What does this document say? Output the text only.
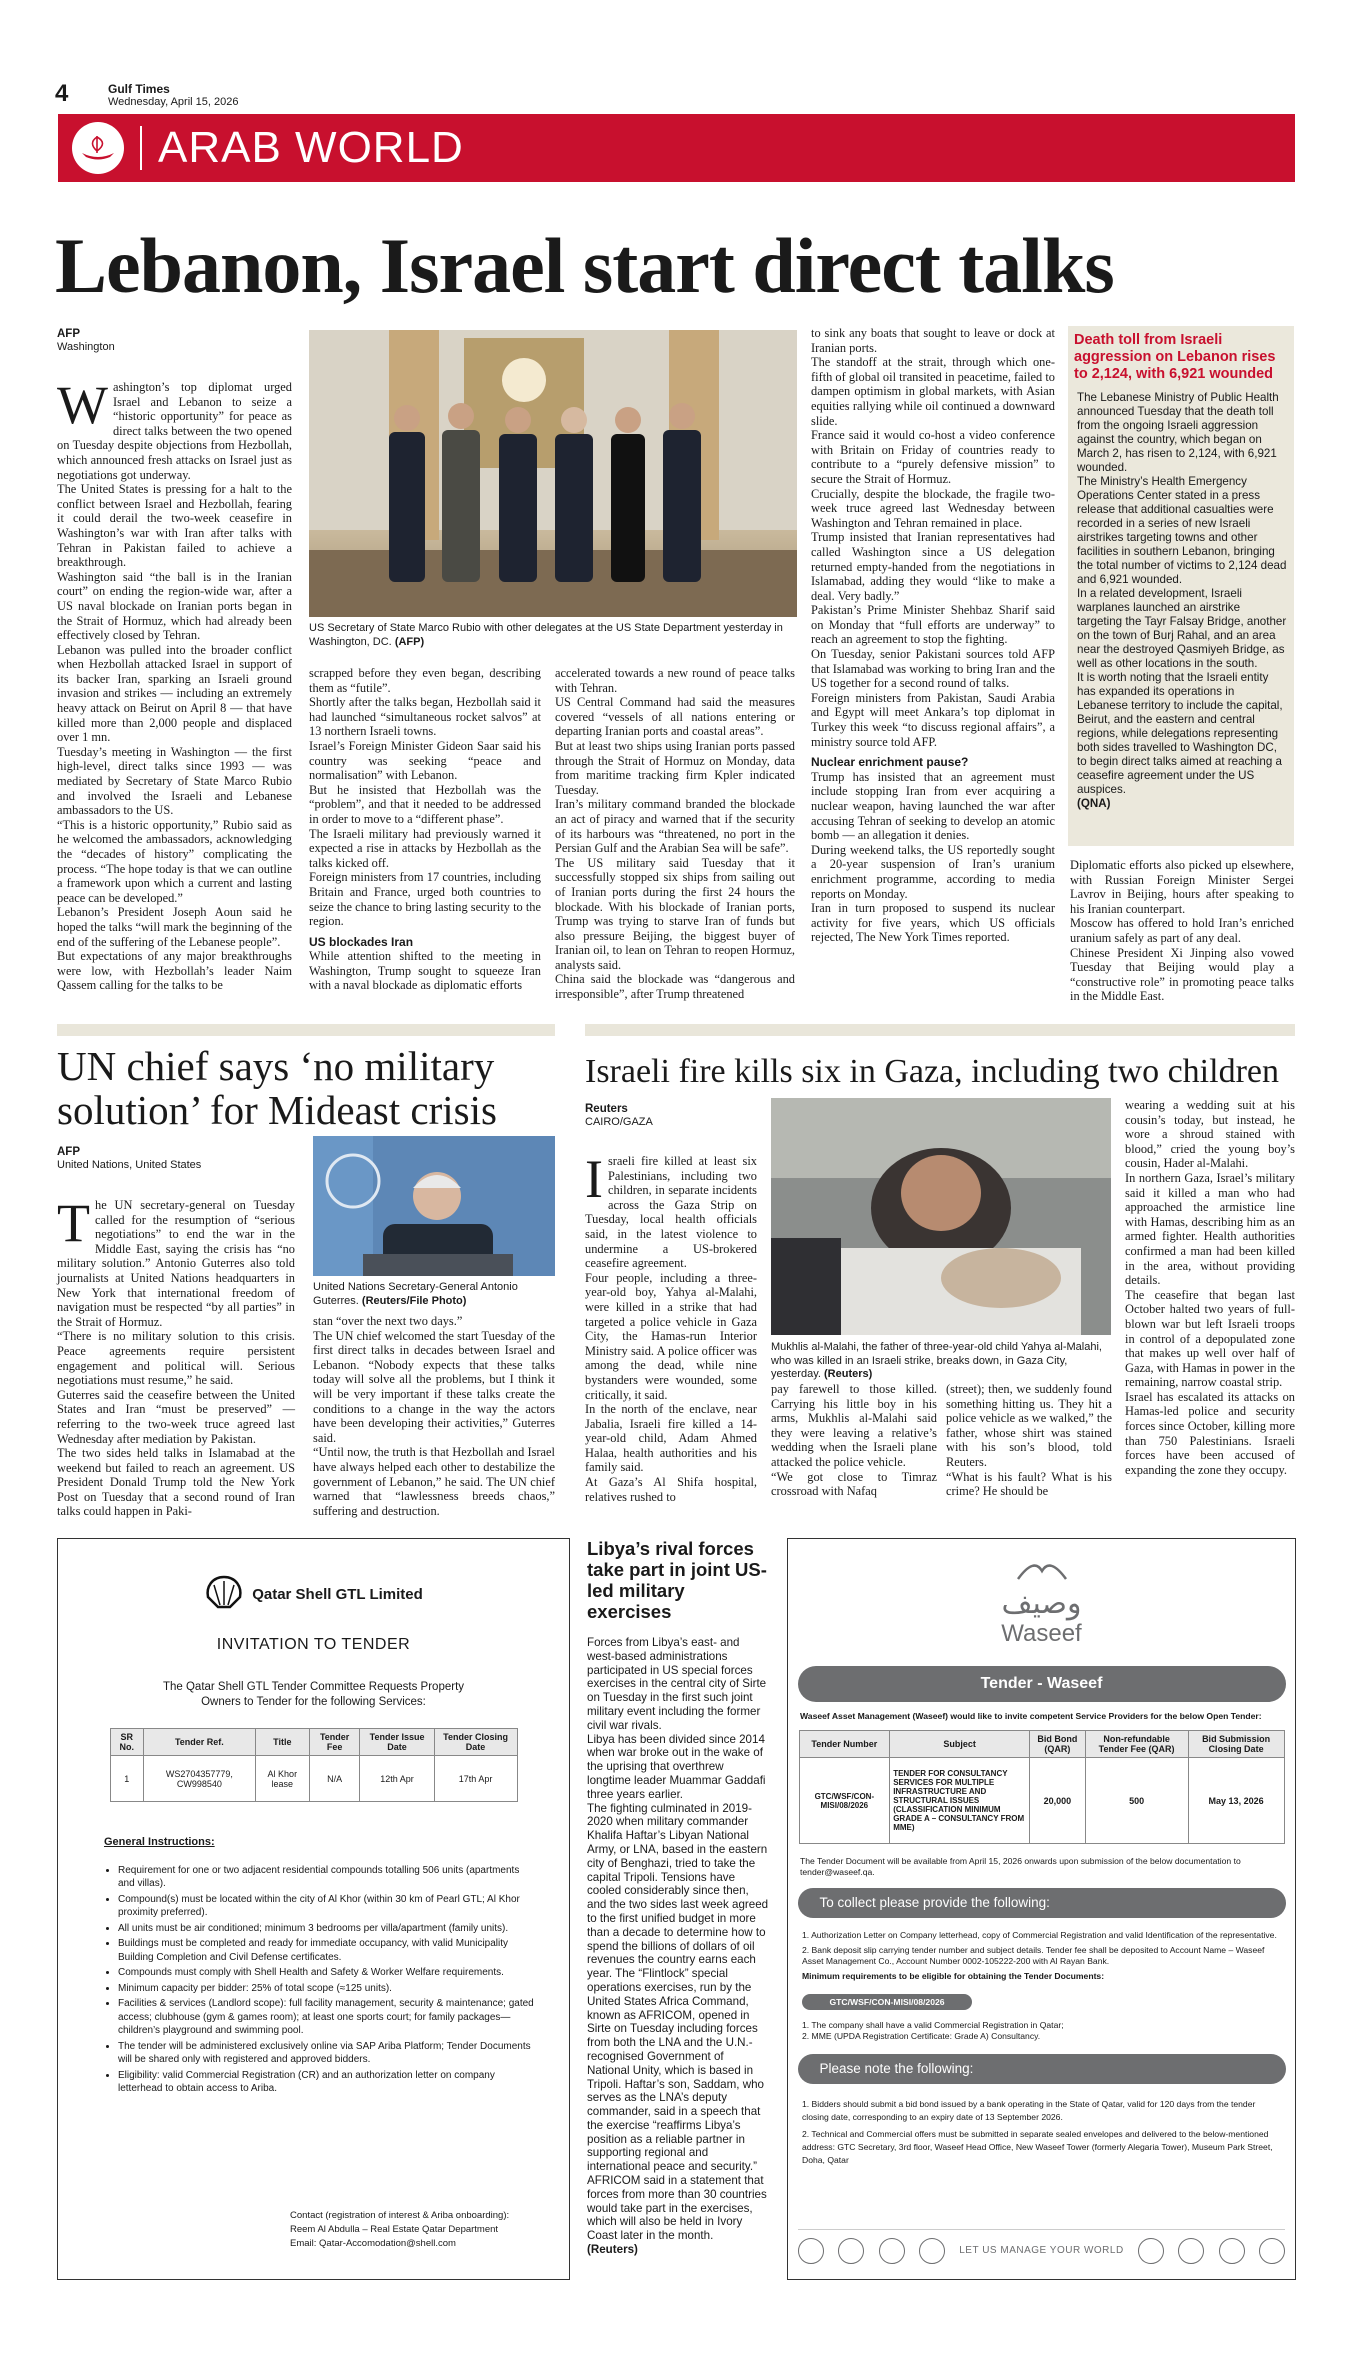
4	Gulf Times
Wednesday, April 15, 2026
ARAB WORLD
Lebanon, Israel start direct talks
AFP
Washington
W ashington’s top diplomat urged Israel and Lebanon to seize a “historic opportunity” for peace as direct talks between the two opened on Tuesday despite objections from Hezbollah, which announced fresh attacks on Israel just as negotiations got underway.

The United States is pressing for a halt to the conflict between Israel and Hezbollah, fearing it could derail the two-week ceasefire in Washington’s war with Iran after talks with Tehran in Pakistan failed to achieve a breakthrough.

Washington said “the ball is in the Iranian court” on ending the region-wide war, after a US naval blockade on Iranian ports began in the Strait of Hormuz, which had already been effectively closed by Tehran.

Lebanon was pulled into the broader conflict when Hezbollah attacked Israel in support of its backer Iran, sparking an Israeli ground invasion and strikes — including an extremely heavy attack on Beirut on April 8 — that have killed more than 2,000 people and displaced over 1 mn.

Tuesday’s meeting in Washington — the first high-level, direct talks since 1993 — was mediated by Secretary of State Marco Rubio and involved the Israeli and Lebanese ambassadors to the US.

“This is a historic opportunity,” Rubio said as he welcomed the ambassadors, acknowledging the “decades of history” complicating the process. “The hope today is that we can outline a framework upon which a current and lasting peace can be developed.”

Lebanon’s President Joseph Aoun said he hoped the talks “will mark the beginning of the end of the suffering of the Lebanese people”.

But expectations of any major breakthroughs were low, with Hezbollah’s leader Naim Qassem calling for the talks to be

US Secretary of State Marco Rubio with other delegates at the US State Department yesterday in Washington, DC. (AFP)

scrapped before they even began, describing them as “futile”.

Shortly after the talks began, Hezbollah said it had launched “simultaneous rocket salvos” at 13 northern Israeli towns.

Israel’s Foreign Minister Gideon Saar said his country was seeking “peace and normalisation” with Lebanon.

But he insisted that Hezbollah was the “problem”, and that it needed to be addressed in order to move to a “different phase”.

The Israeli military had previously warned it expected a rise in attacks by Hezbollah as the talks kicked off.

Foreign ministers from 17 countries, including Britain and France, urged both countries to seize the chance to bring lasting security to the region.

US blockades Iran

While attention shifted to the meeting in Washington, Trump sought to squeeze Iran with a naval blockade as diplomatic efforts

accelerated towards a new round of peace talks with Tehran.

US Central Command had said the measures covered “vessels of all nations entering or departing Iranian ports and coastal areas”.

But at least two ships using Iranian ports passed through the Strait of Hormuz on Monday, data from maritime tracking firm Kpler indicated Tuesday.

Iran’s military command branded the blockade an act of piracy and warned that if the security of its harbours was “threatened, no port in the Persian Gulf and the Arabian Sea will be safe”.

The US military said Tuesday that it successfully stopped six ships from sailing out of Iranian ports during the first 24 hours the blockade. With his blockade of Iranian ports, Trump was trying to starve Iran of funds but also pressure Beijing, the biggest buyer of Iranian oil, to lean on Tehran to reopen Hormuz, analysts said.

China said the blockade was “dangerous and irresponsible”, after Trump threatened

to sink any boats that sought to leave or dock at Iranian ports.

The standoff at the strait, through which one-fifth of global oil transited in peacetime, failed to dampen optimism in global markets, with Asian equities rallying while oil continued a downward slide.

France said it would co-host a video conference with Britain on Friday of countries ready to contribute to a “purely defensive mission” to secure the Strait of Hormuz.

Crucially, despite the blockade, the fragile two-week truce agreed last Wednesday between Washington and Tehran remained in place.

Trump insisted that Iranian representatives had called Washington since a US delegation returned empty-handed from the negotiations in Islamabad, adding they would “like to make a deal. Very badly.”

Pakistan’s Prime Minister Shehbaz Sharif said on Monday that “full efforts are underway” to reach an agreement to stop the fighting.

On Tuesday, senior Pakistani sources told AFP that Islamabad was working to bring Iran and the US together for a second round of talks.

Foreign ministers from Pakistan, Saudi Arabia and Egypt will meet Ankara’s top diplomat in Turkey this week “to discuss regional affairs”, a ministry source told AFP.

Nuclear enrichment pause?

Trump has insisted that an agreement must include stopping Iran from ever acquiring a nuclear weapon, having launched the war after accusing Tehran of seeking to develop an atomic bomb — an allegation it denies.

During weekend talks, the US reportedly sought a 20-year suspension of Iran’s uranium enrichment programme, according to media reports on Monday.

Iran in turn proposed to suspend its nuclear activity for five years, which US officials rejected, The New York Times reported.

Death toll from Israeli aggression on Lebanon rises to 2,124, with 6,921 wounded

The Lebanese Ministry of Public Health announced Tuesday that the death toll from the ongoing Israeli aggression against the country, which began on March 2, has risen to 2,124, with 6,921 wounded.

The Ministry’s Health Emergency Operations Center stated in a press release that additional casualties were recorded in a series of new Israeli airstrikes targeting towns and other facilities in southern Lebanon, bringing the total number of victims to 2,124 dead and 6,921 wounded.

In a related development, Israeli warplanes launched an airstrike targeting the Tayr Falsay Bridge, another on the town of Burj Rahal, and an area near the destroyed Qasmiyeh Bridge, as well as other locations in the south.

It is worth noting that the Israeli entity has expanded its operations in Lebanese territory to include the capital, Beirut, and the eastern and central regions, while delegations representing both sides travelled to Washington DC, to begin direct talks aimed at reaching a ceasefire agreement under the US auspices.

(QNA)

Diplomatic efforts also picked up elsewhere, with Russian Foreign Minister Sergei Lavrov in Beijing, hours after speaking to his Iranian counterpart.

Moscow has offered to hold Iran’s enriched uranium safely as part of any deal.

Chinese President Xi Jinping also vowed Tuesday that Beijing would play a “constructive role” in promoting peace talks in the Middle East.

UN chief says ‘no military solution’ for Mideast crisis
AFP
United Nations, United States
T he UN secretary-general on Tuesday called for the resumption of “serious negotiations” to end the war in the Middle East, saying the crisis has “no military solution.” Antonio Guterres also told journalists at United Nations headquarters in New York that international freedom of navigation must be respected “by all parties” in the Strait of Hormuz.

“There is no military solution to this crisis. Peace agreements require persistent engagement and political will. Serious negotiations must resume,” he said.

Guterres said the ceasefire between the United States and Iran “must be preserved” — referring to the two-week truce agreed last Wednesday after mediation by Pakistan.

The two sides held talks in Islamabad at the weekend but failed to reach an agreement. US President Donald Trump told the New York Post on Tuesday that a second round of Iran talks could happen in Paki-

United Nations Secretary-General Antonio Guterres. (Reuters/File Photo)

stan “over the next two days.”

The UN chief welcomed the start Tuesday of the first direct talks in decades between Israel and Lebanon. “Nobody expects that these talks today will solve all the problems, but I think it will be very important if these talks create the conditions to a change in the way the actors have been developing their activities,” Guterres said.

“Until now, the truth is that Hezbollah and Israel have always helped each other to destabilize the government of Lebanon,” he said. The UN chief warned that “lawlessness breeds chaos,” suffering and destruction.

Israeli fire kills six in Gaza, including two children
Reuters
CAIRO/GAZA
I sraeli fire killed at least six Palestinians, including two children, in separate incidents across the Gaza Strip on Tuesday, local health officials said, in the latest violence to undermine a US-brokered ceasefire agreement.

Four people, including a three-year-old boy, Yahya al-Malahi, were killed in a strike that had targeted a police vehicle in Gaza City, the Hamas-run Interior Ministry said. A police officer was among the dead, while nine bystanders were wounded, some critically, it said.

In the north of the enclave, near Jabalia, Israeli fire killed a 14-year-old child, Adam Ahmed Halaa, health authorities and his family said.

At Gaza’s Al Shifa hospital, relatives rushed to

Mukhlis al-Malahi, the father of three-year-old child Yahya al-Malahi, who was killed in an Israeli strike, breaks down, in Gaza City, yesterday. (Reuters)

pay farewell to those killed. Carrying his little boy in his arms, Mukhlis al-Malahi said they were leaving a relative’s wedding when the Israeli plane attacked the police vehicle.

“We got close to Timraz crossroad with Nafaq

(street); then, we suddenly found something hitting us. They hit a police vehicle as we walked,” the father, whose shirt was stained with his son’s blood, told Reuters.

“What is his fault? What is his crime? He should be

wearing a wedding suit at his cousin’s today, but instead, he wore a shroud stained with blood,” cried the young boy’s cousin, Hader al-Malahi.

In northern Gaza, Israel’s military said it killed a man who had approached the armistice line with Hamas, describing him as an armed fighter. Health authorities confirmed a man had been killed in the area, without providing details.

The ceasefire that began last October halted two years of full-blown war but left Israeli troops in control of a depopulated zone that makes up well over half of Gaza, with Hamas in power in the remaining, narrow coastal strip.

Israel has escalated its attacks on Hamas-led police and security forces since October, killing more than 750 Palestinians. Israeli forces have been accused of expanding the zone they occupy.

Qatar Shell GTL Limited
INVITATION TO TENDER
The Qatar Shell GTL Tender Committee Requests Property Owners to Tender for the following Services:
SR No.	Tender Ref.	Title	Tender Fee	Tender Issue Date	Tender Closing Date
1	WS2704357779, CW998540	Al Khor lease	N/A	12th Apr	17th Apr
General Instructions:
• Requirement for one or two adjacent residential compounds totalling 506 units (apartments and villas).
• Compound(s) must be located within the city of Al Khor (within 30 km of Pearl GTL; Al Khor proximity preferred).
• All units must be air conditioned; minimum 3 bedrooms per villa/apartment (family units).
• Buildings must be completed and ready for immediate occupancy, with valid Municipality Building Completion and Civil Defense certificates.
• Compounds must comply with Shell Health and Safety & Worker Welfare requirements.
• Minimum capacity per bidder: 25% of total scope (≈125 units).
• Facilities & services (Landlord scope): full facility management, security & maintenance; gated access; clubhouse (gym & games room); at least one sports court; for family packages—children’s playground and swimming pool.
• The tender will be administered exclusively online via SAP Ariba Platform; Tender Documents will be shared only with registered and approved bidders.
• Eligibility: valid Commercial Registration (CR) and an authorization letter on company letterhead to obtain access to Ariba.
Contact (registration of interest & Ariba onboarding):
Reem Al Abdulla – Real Estate Qatar Department
Email: Qatar-Accomodation@shell.com
Libya’s rival forces take part in joint US-led military exercises

Forces from Libya’s east- and west-based administrations participated in US special forces exercises in the central city of Sirte on Tuesday in the first such joint military event including the former civil war rivals.

Libya has been divided since 2014 when war broke out in the wake of the uprising that overthrew longtime leader Muammar Gaddafi three years earlier.

The fighting culminated in 2019-2020 when military commander Khalifa Haftar’s Libyan National Army, or LNA, based in the eastern city of Benghazi, tried to take the capital Tripoli. Tensions have cooled considerably since then, and the two sides last week agreed to the first unified budget in more than a decade to determine how to spend the billions of dollars of oil revenues the country earns each year. The “Flintlock” special operations exercises, run by the United States Africa Command, known as AFRICOM, opened in Sirte on Tuesday including forces from both the LNA and the U.N.-recognised Government of National Unity, which is based in Tripoli. Haftar’s son, Saddam, who serves as the LNA’s deputy commander, said in a speech that the exercise “reaffirms Libya’s position as a reliable partner in supporting regional and international peace and security.”

AFRICOM said in a statement that forces from more than 30 countries would take part in the exercises, which will also be held in Ivory Coast later in the month.

(Reuters)
وصيف
Waseef
Tender - Waseef
Waseef Asset Management (Waseef) would like to invite competent Service Providers for the below Open Tender:
Tender Number	Subject	Bid Bond (QAR)	Non-refundable Tender Fee (QAR)	Bid Submission Closing Date
GTC/WSF/CON-MISI/08/2026	TENDER FOR CONSULTANCY SERVICES FOR MULTIPLE INFRASTRUCTURE AND STRUCTURAL ISSUES (CLASSIFICATION MINIMUM GRADE A – CONSULTANCY FROM MME)	20,000	500	May 13, 2026
The Tender Document will be available from April 15, 2026 onwards upon submission of the below documentation to tender@waseef.qa.
To collect please provide the following:

1. Authorization Letter on Company letterhead, copy of Commercial Registration and valid Identification of the representative.

2. Bank deposit slip carrying tender number and subject details. Tender fee shall be deposited to Account Name – Waseef Asset Management Co., Account Number 0002-105222-200 with Al Rayan Bank.

Minimum requirements to be eligible for obtaining the Tender Documents:

GTC/WSF/CON-MISI/08/2026

1. The company shall have a valid Commercial Registration in Qatar;

2. MME (UPDA Registration Certificate: Grade A) Consultancy.

Please note the following:

1. Bidders should submit a bid bond issued by a bank operating in the State of Qatar, valid for 120 days from the tender closing date, corresponding to an expiry date of 13 September 2026.

2. Technical and Commercial offers must be submitted in separate sealed envelopes and delivered to the below-mentioned address: GTC Secretary, 3rd floor, Waseef Head Office, New Waseef Tower (formerly Alegaria Tower), Museum Park Street, Doha, Qatar

LET US MANAGE YOUR WORLD
